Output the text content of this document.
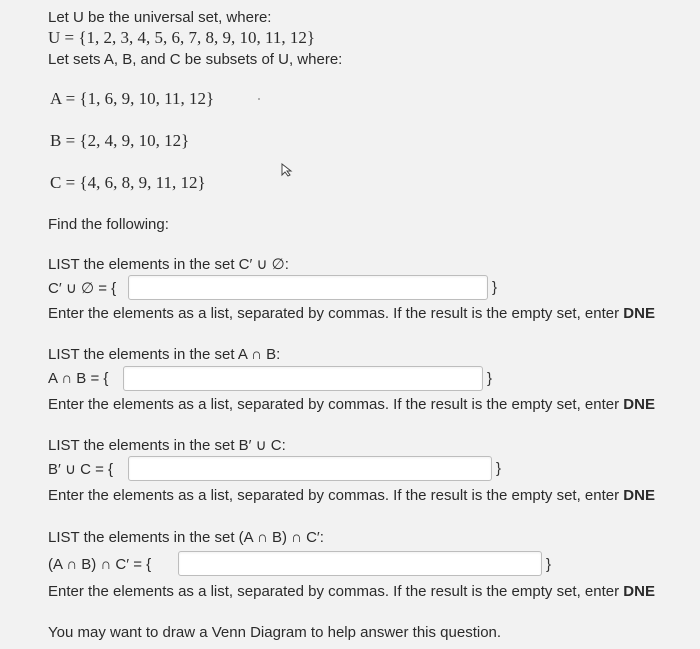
Let U be the universal set, where:
U = {1, 2, 3, 4, 5, 6, 7, 8, 9, 10, 11, 12}
Let sets A, B, and C be subsets of U, where:
A = {1, 6, 9, 10, 11, 12}
B = {2, 4, 9, 10, 12}
C = {4, 6, 8, 9, 11, 12}
Find the following:
LIST the elements in the set C′ ∪ ∅:
C′ ∪ ∅ = {	}
Enter the elements as a list, separated by commas. If the result is the empty set, enter DNE
LIST the elements in the set A ∩ B:
A ∩ B = {	}
Enter the elements as a list, separated by commas. If the result is the empty set, enter DNE
LIST the elements in the set B′ ∪ C:
B′ ∪ C = {	}
Enter the elements as a list, separated by commas. If the result is the empty set, enter DNE
LIST the elements in the set (A ∩ B) ∩ C′:
(A ∩ B) ∩ C′ = {	}
Enter the elements as a list, separated by commas. If the result is the empty set, enter DNE
You may want to draw a Venn Diagram to help answer this question.
